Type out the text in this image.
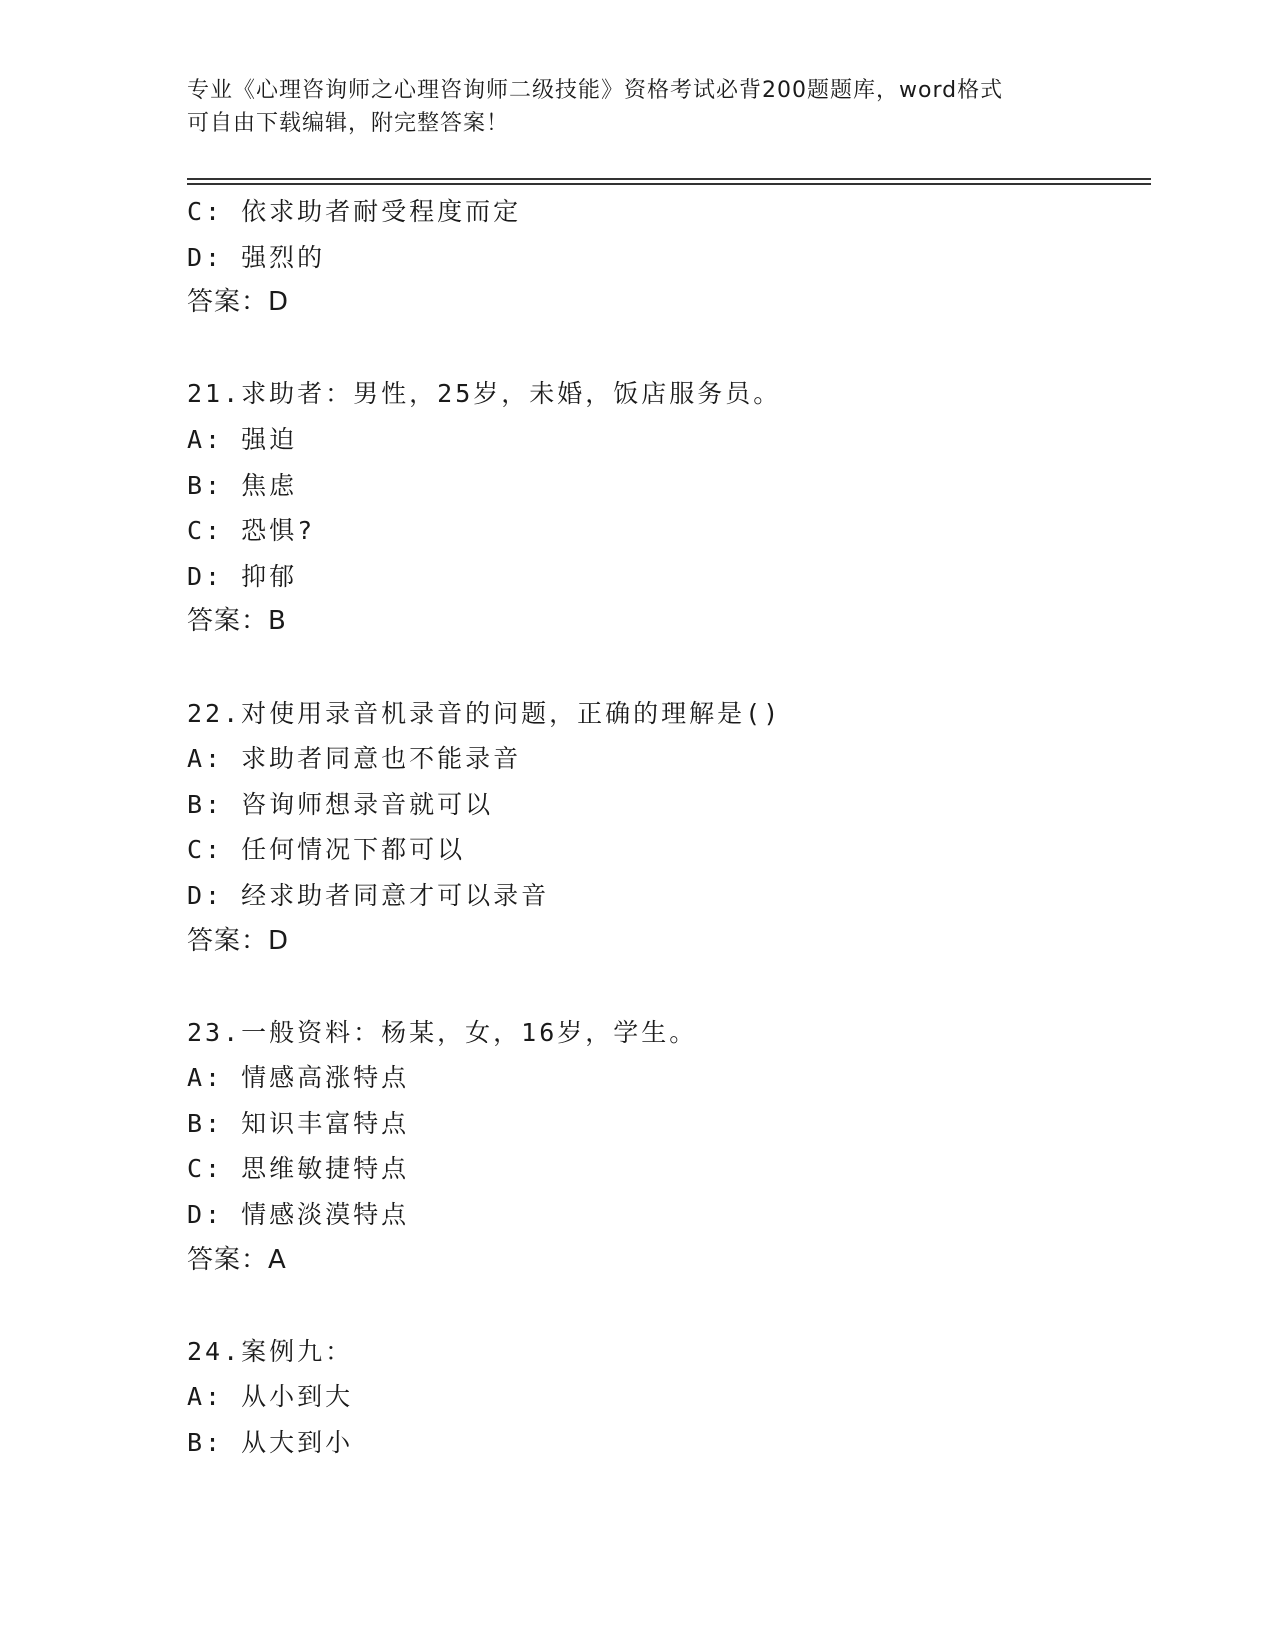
专业《心理咨询师之心理咨询师二级技能》资格考试必背200题题库，word格式
可自由下载编辑，附完整答案！
C: 依求助者耐受程度而定
D: 强烈的
答案：D
21.求助者：男性，25岁，未婚，饭店服务员。
A: 强迫
B: 焦虑
C: 恐惧?
D: 抑郁
答案：B
22.对使用录音机录音的问题，正确的理解是()
A: 求助者同意也不能录音
B: 咨询师想录音就可以
C: 任何情况下都可以
D: 经求助者同意才可以录音
答案：D
23.一般资料：杨某，女，16岁，学生。
A: 情感高涨特点
B: 知识丰富特点
C: 思维敏捷特点
D: 情感淡漠特点
答案：A
24.案例九：
A: 从小到大
B: 从大到小
